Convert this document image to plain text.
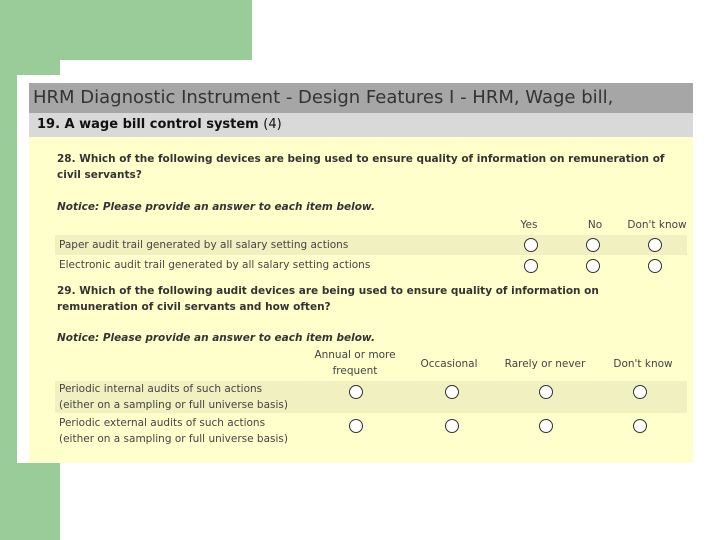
HRM Diagnostic Instrument - Design Features I - HRM, Wage bill,
19. A wage bill control system (4)
28. Which of the following devices are being used to ensure quality of information on remuneration of
civil servants?
Notice: Please provide an answer to each item below.
Yes	No	Don't know
Paper audit trail generated by all salary setting actions
Electronic audit trail generated by all salary setting actions
29. Which of the following audit devices are being used to ensure quality of information on
remuneration of civil servants and how often?
Notice: Please provide an answer to each item below.
Annual or more
frequent
Occasional	Rarely or never	Don't know
Periodic internal audits of such actions
(either on a sampling or full universe basis)
Periodic external audits of such actions
(either on a sampling or full universe basis)
